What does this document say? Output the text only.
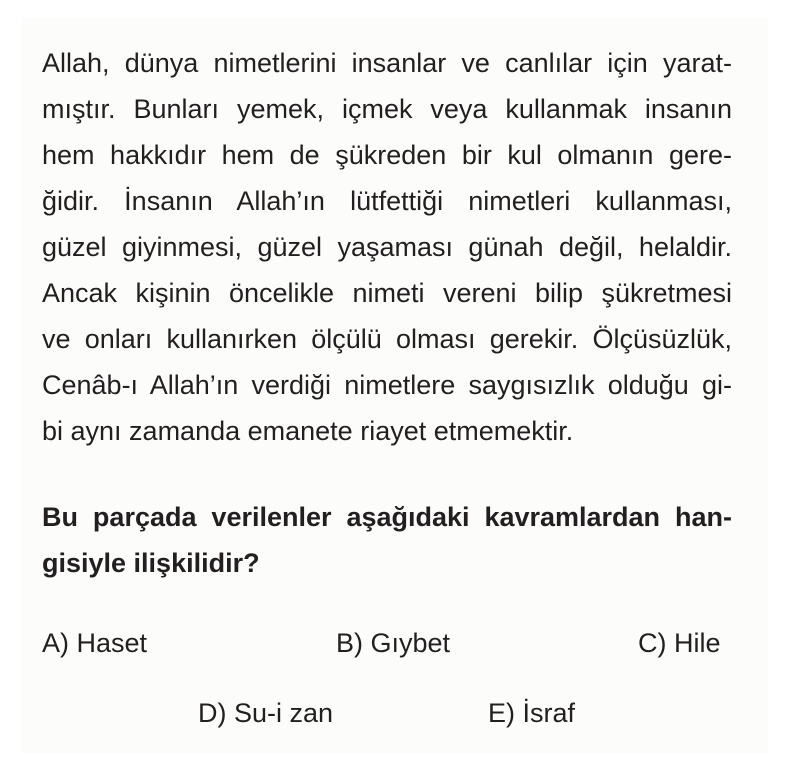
Allah, dünya nimetlerini insanlar ve canlılar için yarat-
mıştır. Bunları yemek, içmek veya kullanmak insanın
hem hakkıdır hem de şükreden bir kul olmanın gere-
ğidir. İnsanın Allah’ın lütfettiği nimetleri kullanması,
güzel giyinmesi, güzel yaşaması günah değil, helaldir.
Ancak kişinin öncelikle nimeti vereni bilip şükretmesi
ve onları kullanırken ölçülü olması gerekir. Ölçüsüzlük,
Cenâb-ı Allah’ın verdiği nimetlere saygısızlık olduğu gi-
bi aynı zamanda emanete riayet etmemektir.
Bu parçada verilenler aşağıdaki kavramlardan han-
gisiyle ilişkilidir?
A) Haset	B) Gıybet	C) Hile
D) Su-i zan	E) İsraf
